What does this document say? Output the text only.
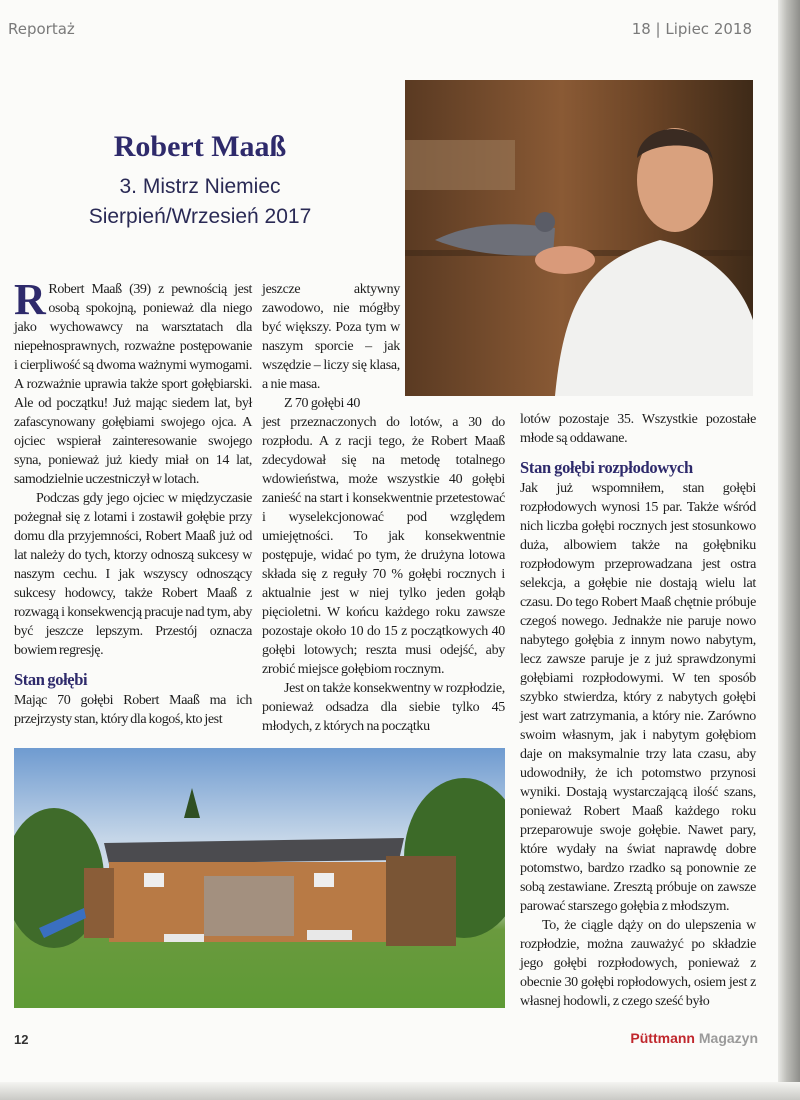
Reportaż	18 | Lipiec 2018
Robert Maaß
3. Mistrz Niemiec
Sierpień/Wrzesień 2017

R Robert Maaß (39) z pewnością jest osobą spokojną, ponieważ dla niego jako wychowawcy na warsztatach dla niepełnosprawnych, rozważne postępowanie i cierpliwość są dwoma ważnymi wymogami. A rozważnie uprawia także sport gołębiarski. Ale od początku! Już mając siedem lat, był zafascynowany gołębiami swojego ojca. A ojciec wspierał zainteresowanie swojego syna, ponieważ już kiedy miał on 14 lat, samodzielnie uczestniczył w lotach.

Podczas gdy jego ojciec w międzyczasie pożegnał się z lotami i zostawił gołębie przy domu dla przyjemności, Robert Maaß już od lat należy do tych, ktorzy odnoszą sukcesy w naszym cechu. I jak wszyscy odnoszący sukcesy hodowcy, także Robert Maaß z rozwagą i konsekwencją pracuje nad tym, aby być jeszcze lepszym. Przestój oznacza bowiem regresję.

Stan gołębi

Mając 70 gołębi Robert Maaß ma ich przejrzysty stan, który dla kogoś, kto jest

jeszcze aktywny zawodowo, nie mógłby być większy. Poza tym w naszym sporcie – jak wszędzie – liczy się klasa, a nie masa.

Z 70 gołębi 40

jest przeznaczonych do lotów, a 30 do rozpłodu. A z racji tego, że Robert Maaß zdecydował się na metodę totalnego wdowieństwa, może wszystkie 40 gołębi zanieść na start i konsekwentnie przetestować i wyselekcjonować pod względem umiejętności. To jak konsekwentnie postępuje, widać po tym, że drużyna lotowa składa się z reguły 70 % gołębi rocznych i aktualnie jest w niej tylko jeden gołąb pięcioletni. W końcu każdego roku zawsze pozostaje około 10 do 15 z początkowych 40 gołębi lotowych; reszta musi odejść, aby zrobić miejsce gołębiom rocznym.

Jest on także konsekwentny w rozpłodzie, ponieważ odsadza dla siebie tylko 45 młodych, z których na początku

lotów pozostaje 35. Wszystkie pozostałe młode są oddawane.

Stan gołębi rozpłodowych

Jak już wspomniłem, stan gołębi rozpłodowych wynosi 15 par. Także wśród nich liczba gołębi rocznych jest stosunkowo duża, albowiem także na gołębniku rozpłodowym przeprowadzana jest ostra selekcja, a gołębie nie dostają wielu lat czasu. Do tego Robert Maaß chętnie próbuje czegoś nowego. Jednakże nie paruje nowo nabytego gołębia z innym nowo nabytym, lecz zawsze paruje je z już sprawdzonymi gołębiami rozpłodowymi. W ten sposób szybko stwierdza, który z nabytych gołębi jest wart zatrzymania, a który nie. Zarówno swoim własnym, jak i nabytym gołębiom daje on maksymalnie trzy lata czasu, aby udowodniły, że ich potomstwo przynosi wyniki. Dostają wystarczającą ilość szans, ponieważ Robert Maaß każdego roku przeparowuje swoje gołębie. Nawet pary, które wydały na świat naprawdę dobre potomstwo, bardzo rzadko są ponownie ze sobą zestawiane. Zresztą próbuje on zawsze parować starszego gołębia z młodszym.

To, że ciągle dąży on do ulepszenia w rozpłodzie, można zauważyć po składzie jego gołębi rozpłodowych, ponieważ z obecnie 30 gołębi ropłodowych, osiem jest z własnej hodowli, z czego sześć było

12	Püttmann Magazyn
